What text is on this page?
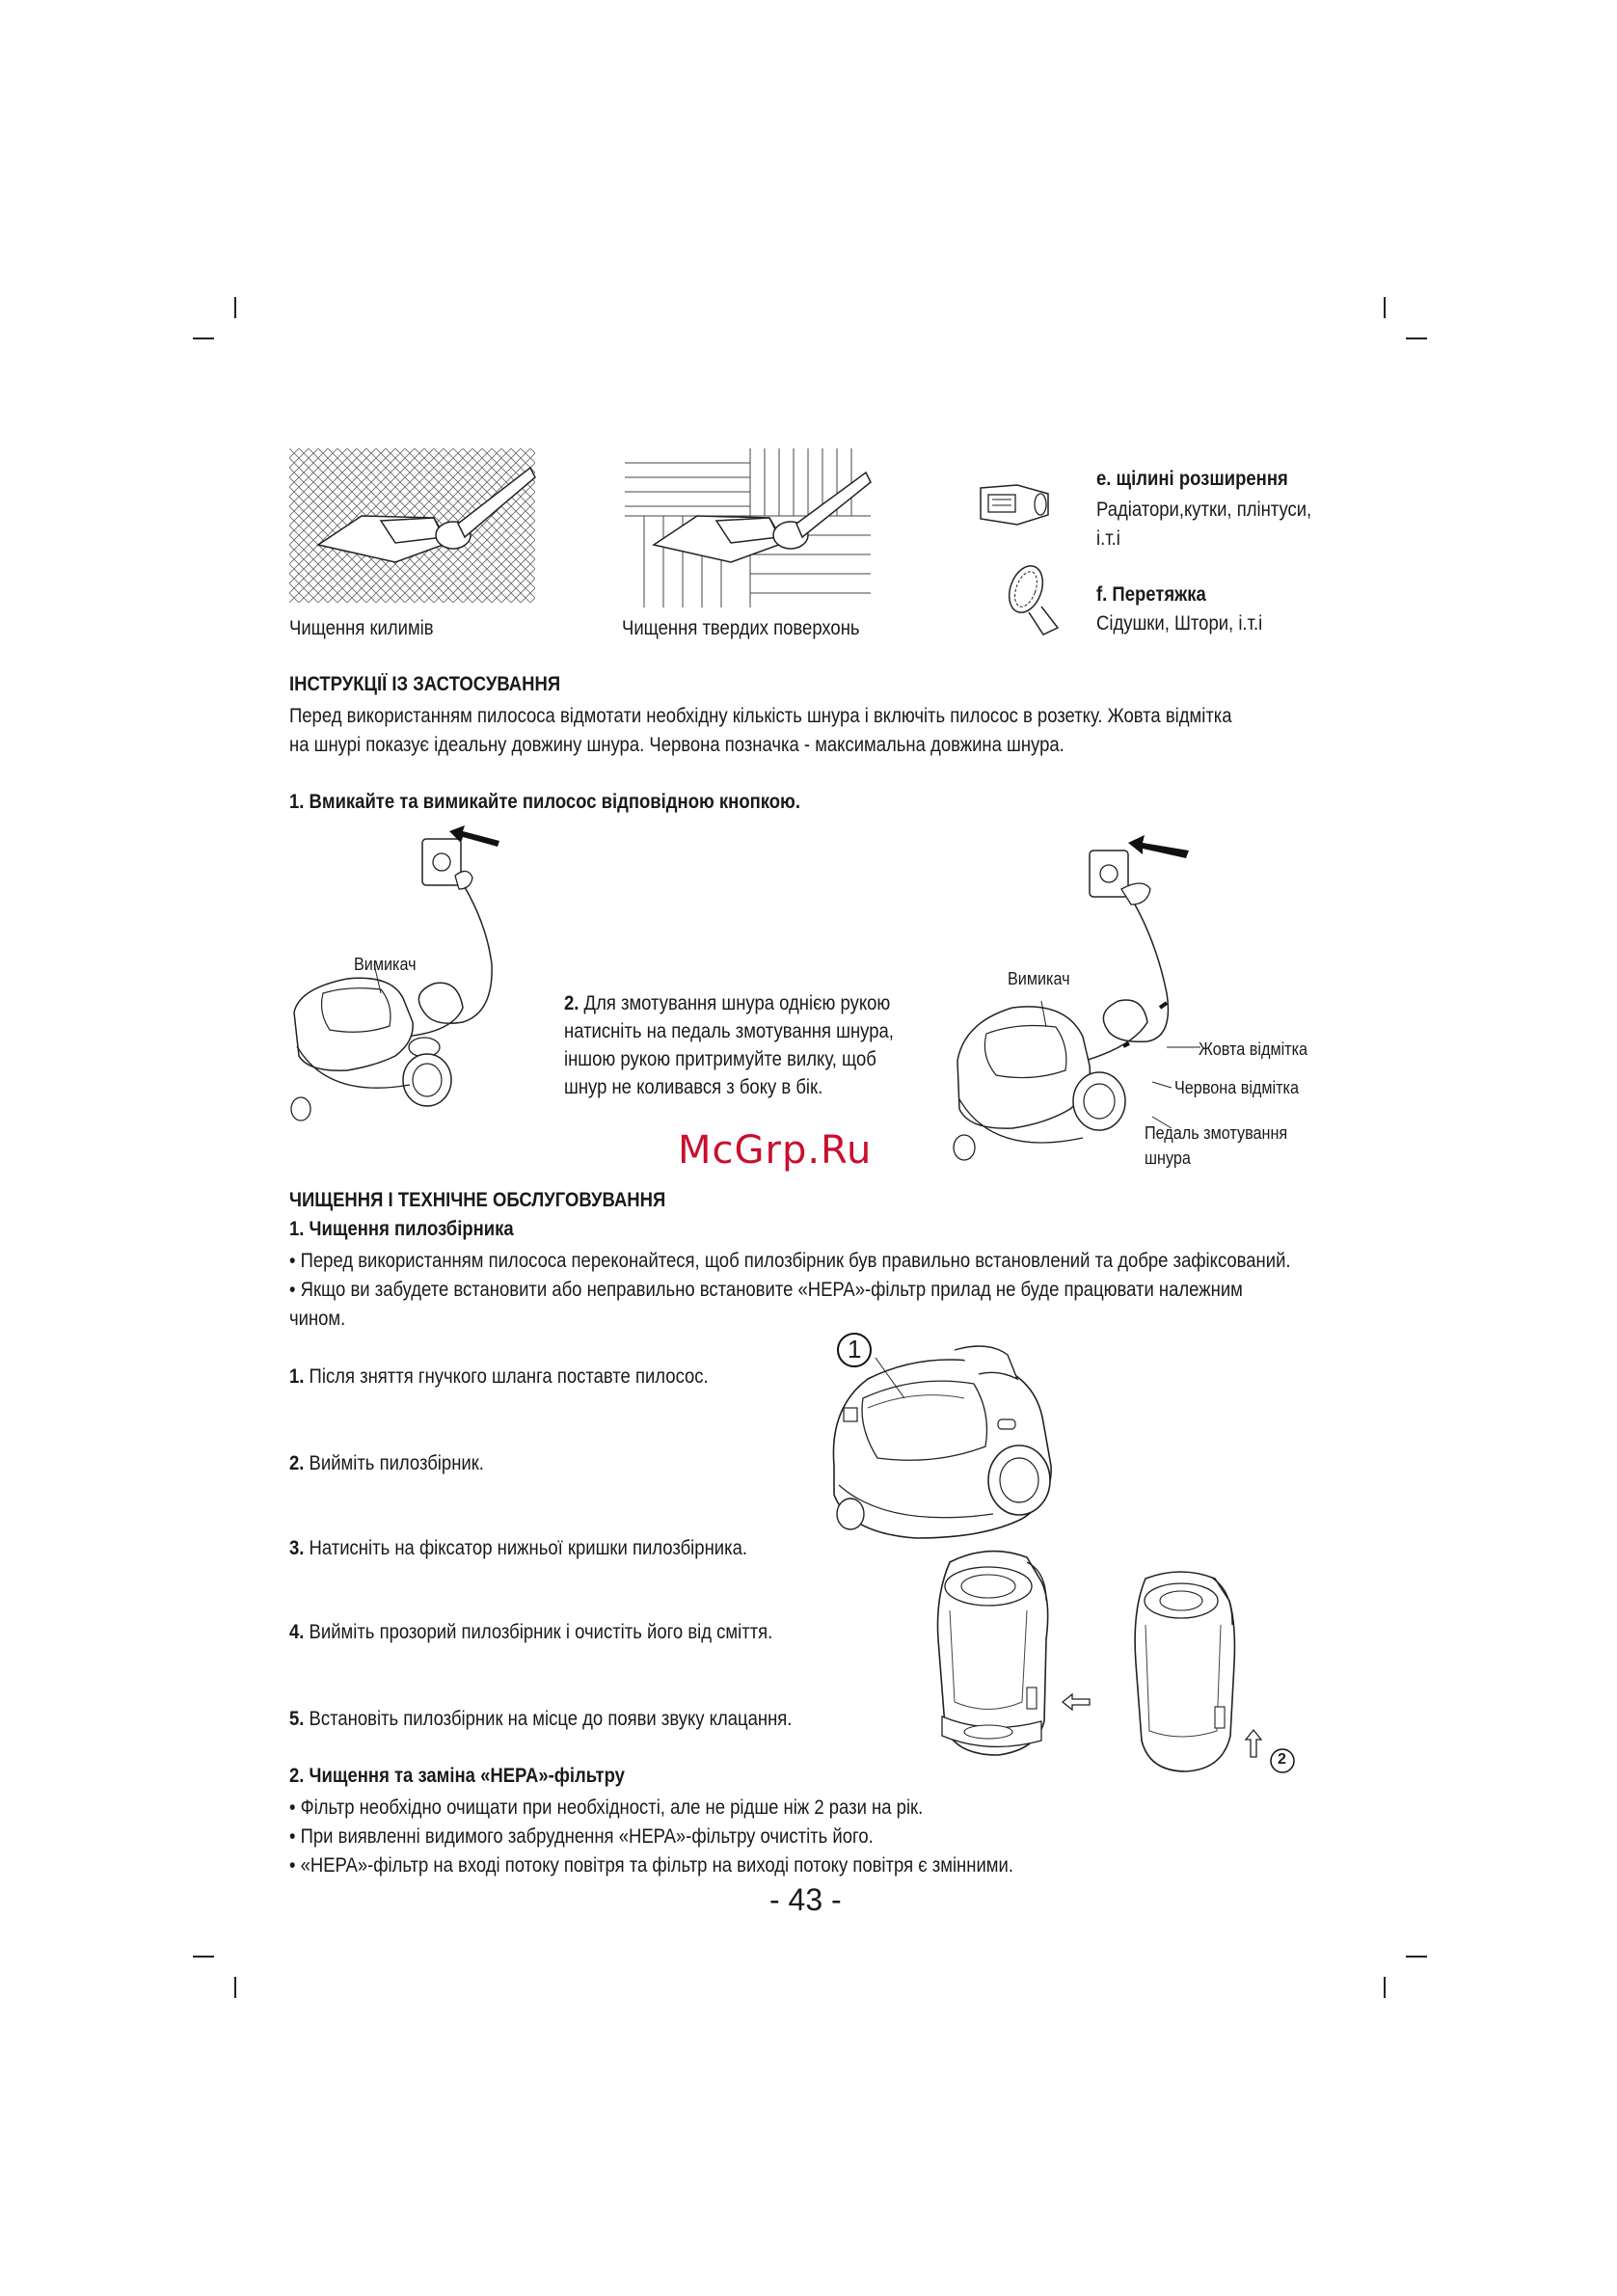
Чищення килимів	Чищення твердих поверхонь
е. щілині розширення
Радіатори,кутки, плінтуси,
і.т.і
f. Перетяжка
Сідушки, Штори, і.т.і
ІНСТРУКЦІЇ ІЗ ЗАСТОСУВАННЯ
Перед використанням пилососа відмотати необхідну кількість шнура і включіть пилосос в розетку. Жовта відмітка
на шнурі показує ідеальну довжину шнура. Червона позначка - максимальна довжина шнура.
1. Вмикайте та вимикайте пилосос відповідною кнопкою.
Вимикач
2. Для змотування шнура однією рукою
натисніть на педаль змотування шнура,
іншою рукою притримуйте вилку, щоб
шнур не коливався з боку в бік.
Вимикач
Жовта відмітка
Червона відмітка
Педаль змотування
шнура
McGrp.Ru
ЧИЩЕННЯ І ТЕХНІЧНЕ ОБСЛУГОВУВАННЯ
1. Чищення пилозбірника
• Перед використанням пилососа переконайтеся, щоб пилозбірник був правильно встановлений та добре зафіксований.
• Якщо ви забудете встановити або неправильно встановите «HEPA»-фільтр прилад не буде працювати належним
чином.
1. Після зняття гнучкого шланга поставте пилосос.
2. Вийміть пилозбірник.
3. Натисніть на фіксатор нижньої кришки пилозбірника.
4. Вийміть прозорий пилозбірник і очистіть його від сміття.
5. Встановіть пилозбірник на місце до появи звуку клацання.
1
2
2. Чищення та заміна «HEPA»-фільтру
• Фільтр необхідно очищати при необхідності, але не рідше ніж 2 рази на рік.
• При виявленні видимого забруднення «HEPA»-фільтру очистіть його.
• «HEPA»-фільтр на вході потоку повітря та фільтр на виході потоку повітря є змінними.
- 43 -
